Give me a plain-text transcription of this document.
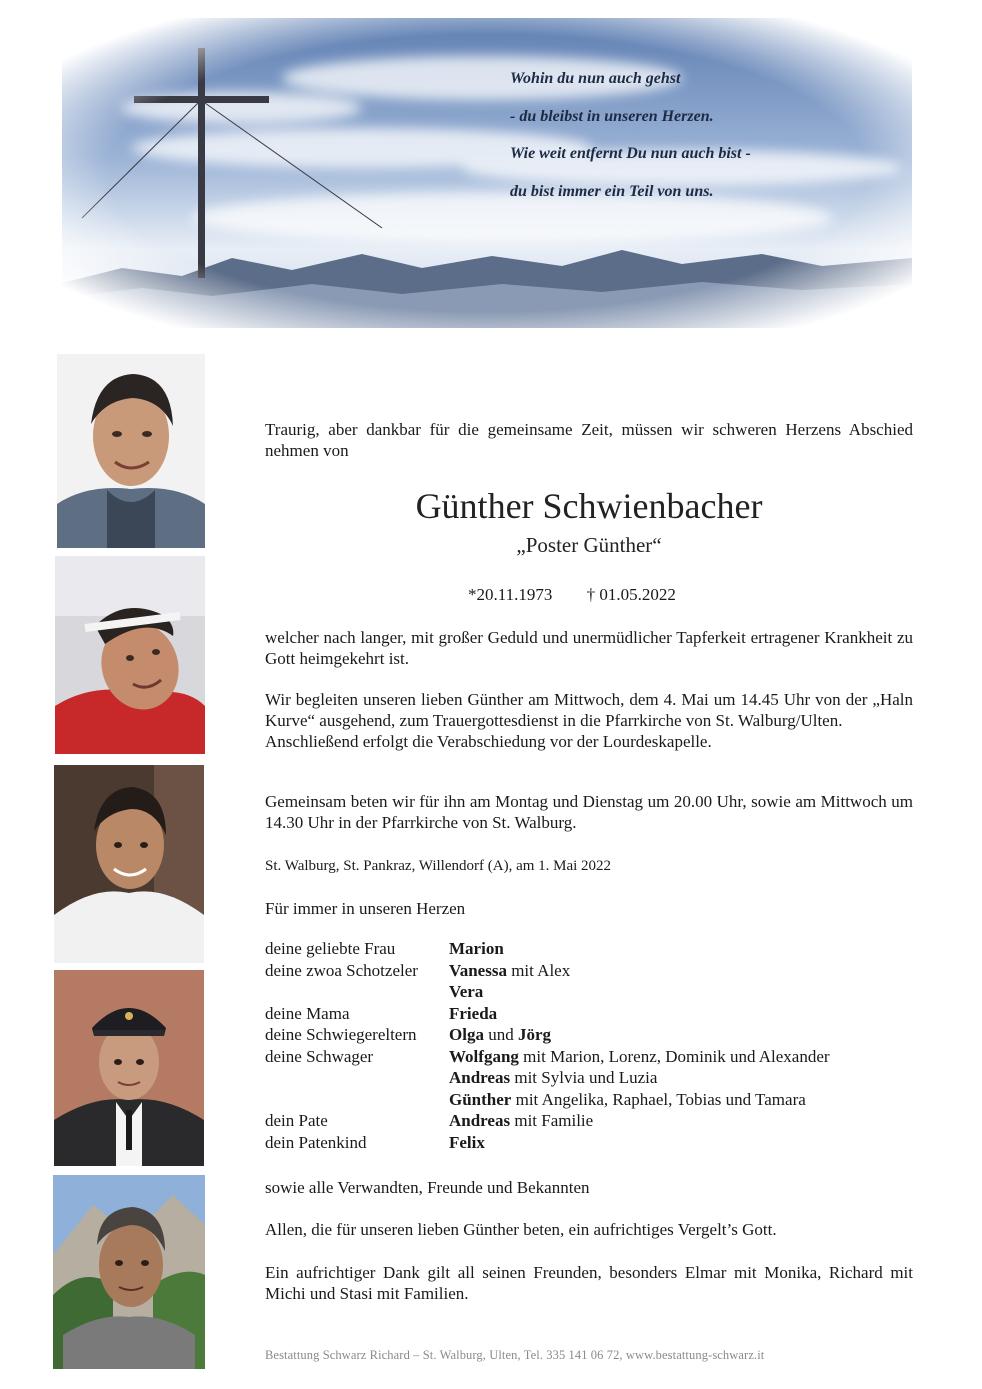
Wohin du nun auch gehst
- du bleibst in unseren Herzen.
Wie weit entfernt Du nun auch bist -
du bist immer ein Teil von uns.
Traurig, aber dankbar für die gemeinsame Zeit, müssen wir schweren Herzens Abschied nehmen von
Günther Schwienbacher
„Poster Günther“
*20.11.1973 † 01.05.2022
welcher nach langer, mit großer Geduld und unermüdlicher Tapferkeit ertragener Krankheit zu Gott heimgekehrt ist.
Wir begleiten unseren lieben Günther am Mittwoch, dem 4. Mai um 14.45 Uhr von der „Haln Kurve“ ausgehend, zum Trauergottesdienst in die Pfarrkirche von St. Walburg/Ulten.
Anschließend erfolgt die Verabschiedung vor der Lourdeskapelle.
Gemeinsam beten wir für ihn am Montag und Dienstag um 20.00 Uhr, sowie am Mittwoch um 14.30 Uhr in der Pfarrkirche von St. Walburg.
St. Walburg, St. Pankraz, Willendorf (A), am 1. Mai 2022
Für immer in unseren Herzen
deine geliebte Frau	Marion
deine zwoa Schotzeler	Vanessa mit Alex
Vera
deine Mama	Frieda
deine Schwiegereltern	Olga und Jörg
deine Schwager	Wolfgang mit Marion, Lorenz, Dominik und Alexander
Andreas mit Sylvia und Luzia
Günther mit Angelika, Raphael, Tobias und Tamara
dein Pate	Andreas mit Familie
dein Patenkind	Felix
sowie alle Verwandten, Freunde und Bekannten
Allen, die für unseren lieben Günther beten, ein aufrichtiges Vergelt’s Gott.
Ein aufrichtiger Dank gilt all seinen Freunden, besonders Elmar mit Monika, Richard mit Michi und Stasi mit Familien.
Bestattung Schwarz Richard – St. Walburg, Ulten, Tel. 335 141 06 72, www.bestattung-schwarz.it
